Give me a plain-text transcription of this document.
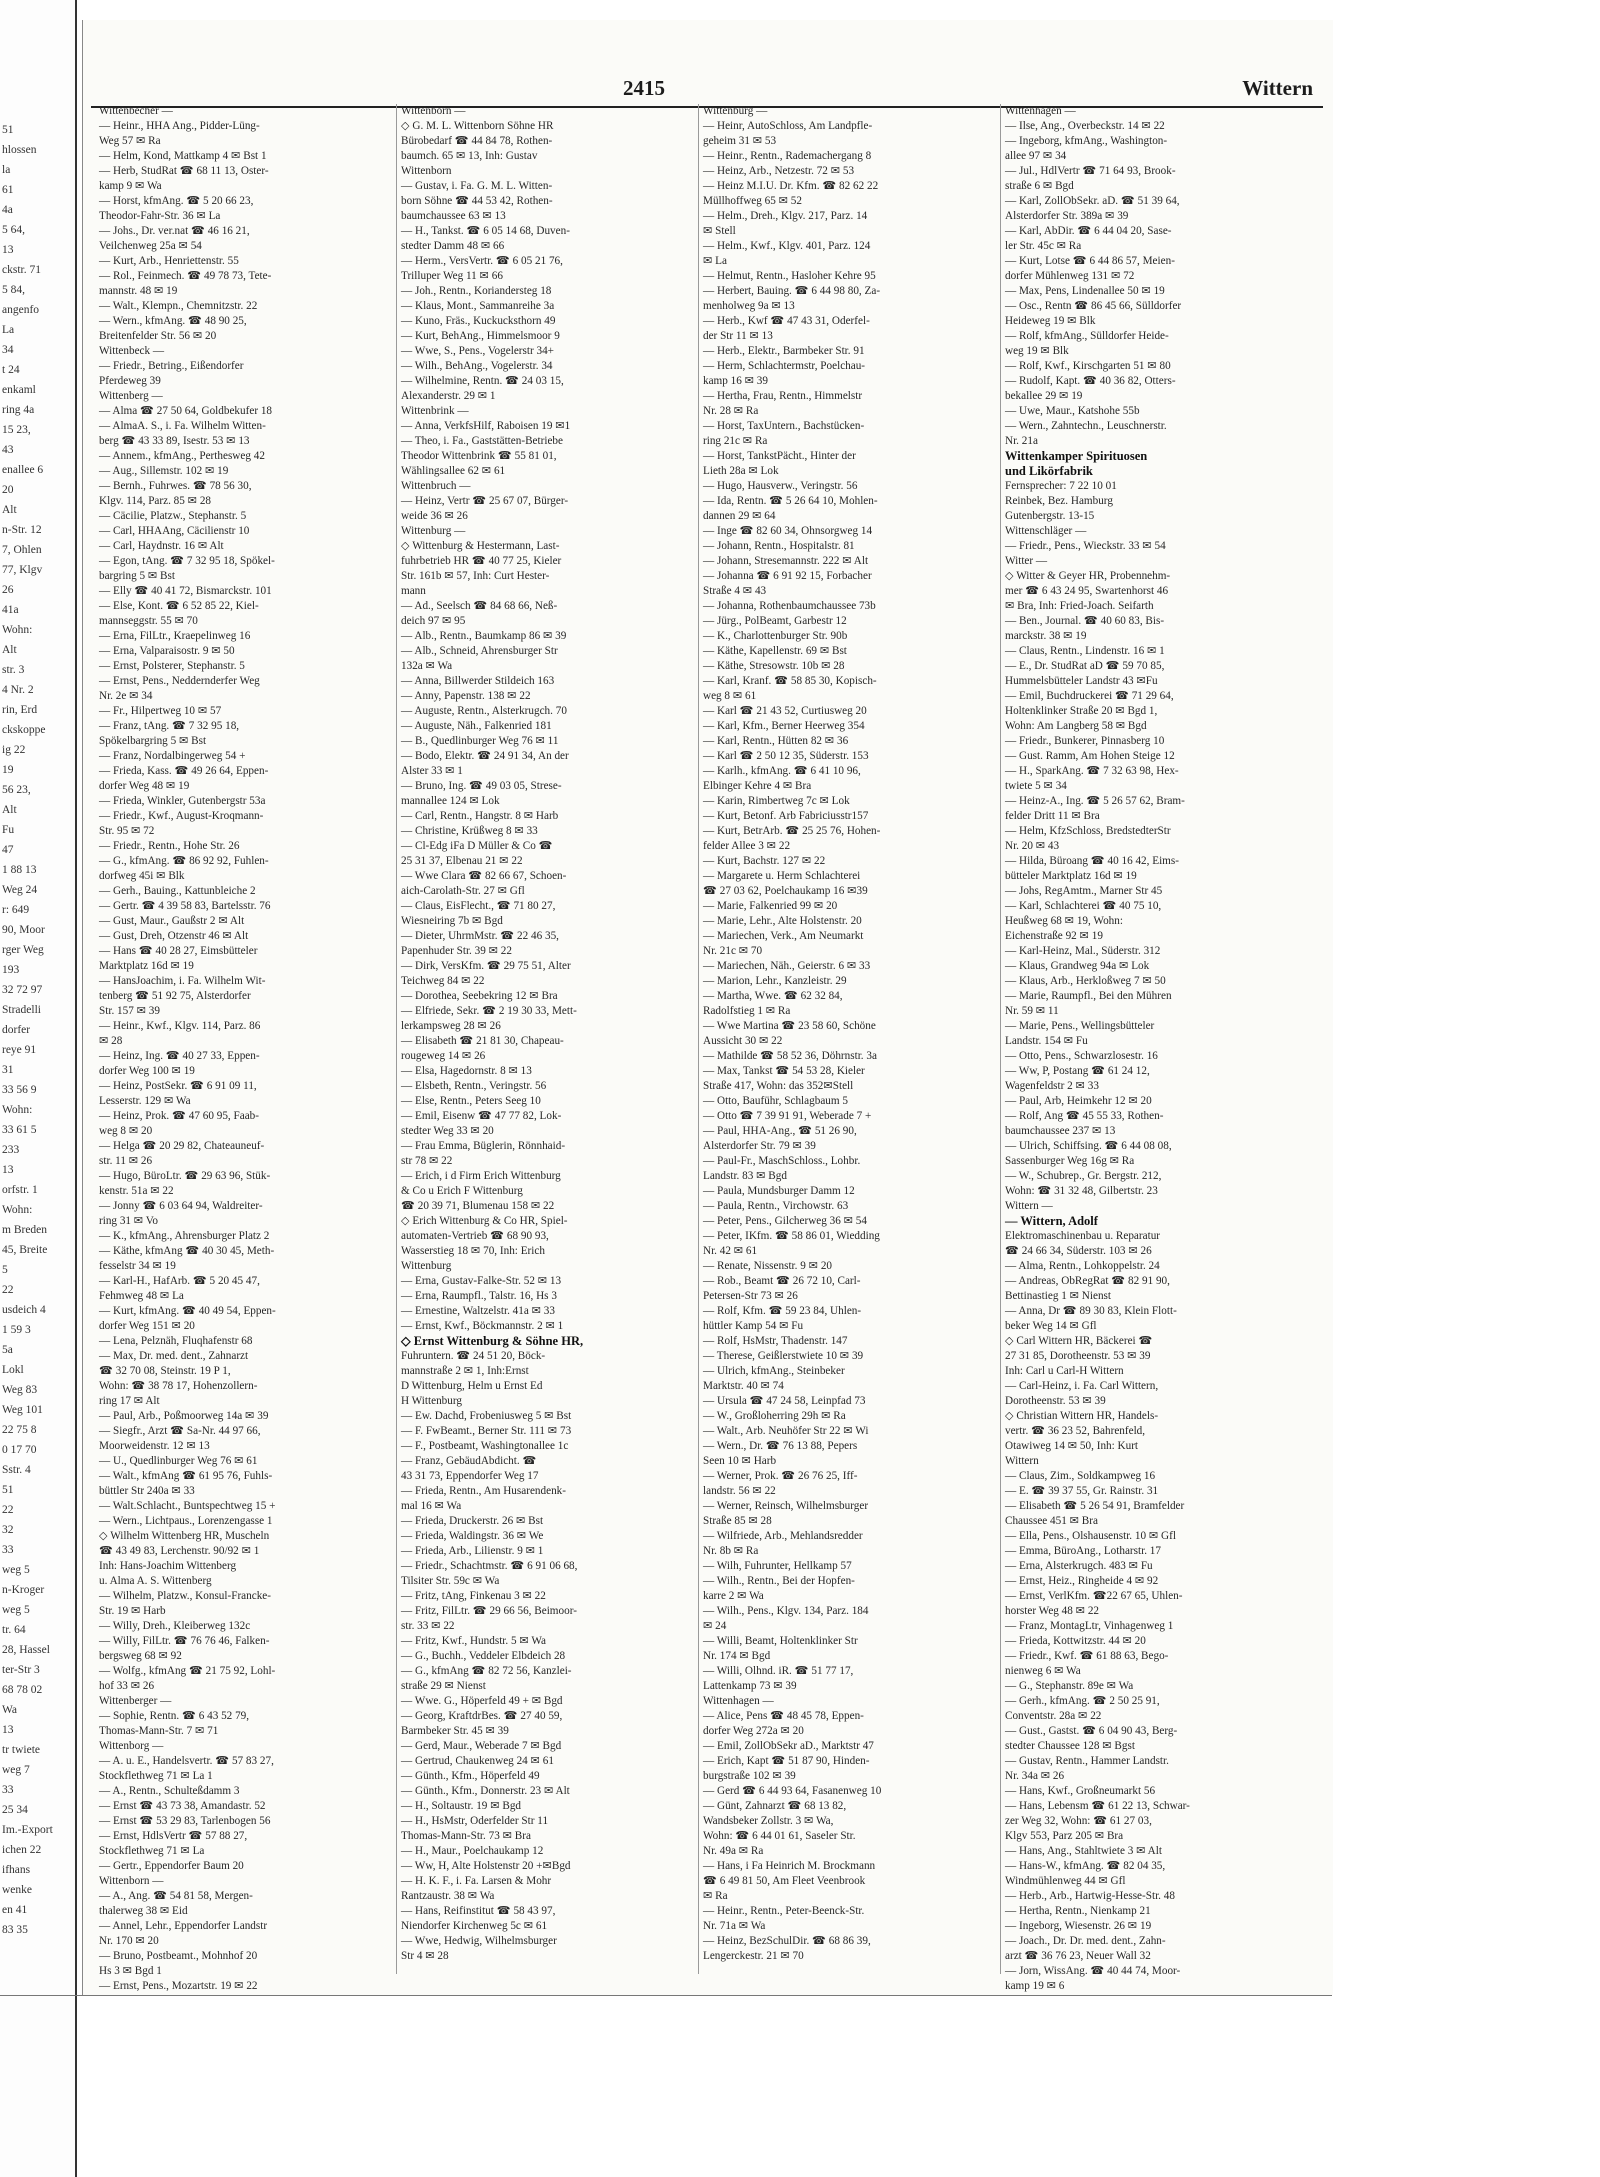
51
hlossen
la
61
4a
5 64,
13
ckstr. 71
5 84,
angenfo
La
34
t 24
enkaml
ring 4a
15 23,
43
enallee 6
20
Alt
n-Str. 12
7, Ohlen
77, Klgv
26
41a
Wohn:
Alt
str. 3
4 Nr. 2
rin, Erd
ckskoppe
ig 22
19
56 23,
Alt
Fu
47
1 88 13
Weg 24
r: 649
90, Moor
rger Weg
193
32 72 97
Stradelli
dorfer
reye 91
31
33 56 9
Wohn:
33 61 5
233
13
orfstr. 1
Wohn:
m Breden
45, Breite
5
22
usdeich 4
1 59 3
5a
Lokl
Weg 83
Weg 101
22 75 8
0 17 70
Sstr. 4
51
22
32
33
weg 5
n-Kroger
weg 5
tr. 64
28, Hassel
ter-Str 3
68 78 02
Wa
13
tr twiete
weg 7
33
25 34
Im.-Export
ichen 22
ifhans
wenke
en 41
83 35
2415	Wittern
Wittenbecher —
— Heinr., HHA Ang., Pidder-Lüng-
Weg 57 ✉ Ra
— Helm, Kond, Mattkamp 4 ✉ Bst 1
— Herb, StudRat ☎ 68 11 13, Oster-
kamp 9 ✉ Wa
— Horst, kfmAng. ☎ 5 20 66 23,
Theodor-Fahr-Str. 36 ✉ La
— Johs., Dr. ver.nat ☎ 46 16 21,
Veilchenweg 25a ✉ 54
— Kurt, Arb., Henriettenstr. 55
— Rol., Feinmech. ☎ 49 78 73, Tete-
mannstr. 48 ✉ 19
— Walt., Klempn., Chemnitzstr. 22
— Wern., kfmAng. ☎ 48 90 25,
Breitenfelder Str. 56 ✉ 20
Wittenbeck —
— Friedr., Betring., Eißendorfer
Pferdeweg 39
Wittenberg —
— Alma ☎ 27 50 64, Goldbekufer 18
— AlmaA. S., i. Fa. Wilhelm Witten-
berg ☎ 43 33 89, Isestr. 53 ✉ 13
— Annem., kfmAng., Perthesweg 42
— Aug., Sillemstr. 102 ✉ 19
— Bernh., Fuhrwes. ☎ 78 56 30,
Klgv. 114, Parz. 85 ✉ 28
— Cäcilie, Platzw., Stephanstr. 5
— Carl, HHAAng, Cäcilienstr 10
— Carl, Haydnstr. 16 ✉ Alt
— Egon, tAng. ☎ 7 32 95 18, Spökel-
bargring 5 ✉ Bst
— Elly ☎ 40 41 72, Bismarckstr. 101
— Else, Kont. ☎ 6 52 85 22, Kiel-
mannseggstr. 55 ✉ 70
— Erna, FilLtr., Kraepelinweg 16
— Erna, Valparaisostr. 9 ✉ 50
— Ernst, Polsterer, Stephanstr. 5
— Ernst, Pens., Neddernderfer Weg
Nr. 2e ✉ 34
— Fr., Hilpertweg 10 ✉ 57
— Franz, tAng. ☎ 7 32 95 18,
Spökelbargring 5 ✉ Bst
— Franz, Nordalbingerweg 54 +
— Frieda, Kass. ☎ 49 26 64, Eppen-
dorfer Weg 48 ✉ 19
— Frieda, Winkler, Gutenbergstr 53a
— Friedr., Kwf., August-Kroqmann-
Str. 95 ✉ 72
— Friedr., Rentn., Hohe Str. 26
— G., kfmAng. ☎ 86 92 92, Fuhlen-
dorfweg 45i ✉ Blk
— Gerh., Bauing., Kattunbleiche 2
— Gertr. ☎ 4 39 58 83, Bartelsstr. 76
— Gust, Maur., Gaußstr 2 ✉ Alt
— Gust, Dreh, Otzenstr 46 ✉ Alt
— Hans ☎ 40 28 27, Eimsbütteler
Marktplatz 16d ✉ 19
— HansJoachim, i. Fa. Wilhelm Wit-
tenberg ☎ 51 92 75, Alsterdorfer
Str. 157 ✉ 39
— Heinr., Kwf., Klgv. 114, Parz. 86
✉ 28
— Heinz, Ing. ☎ 40 27 33, Eppen-
dorfer Weg 100 ✉ 19
— Heinz, PostSekr. ☎ 6 91 09 11,
Lesserstr. 129 ✉ Wa
— Heinz, Prok. ☎ 47 60 95, Faab-
weg 8 ✉ 20
— Helga ☎ 20 29 82, Chateauneuf-
str. 11 ✉ 26
— Hugo, BüroLtr. ☎ 29 63 96, Stük-
kenstr. 51a ✉ 22
— Jonny ☎ 6 03 64 94, Waldreiter-
ring 31 ✉ Vo
— K., kfmAng., Ahrensburger Platz 2
— Käthe, kfmAng ☎ 40 30 45, Meth-
fesselstr 34 ✉ 19
— Karl-H., HafArb. ☎ 5 20 45 47,
Fehmweg 48 ✉ La
— Kurt, kfmAng. ☎ 40 49 54, Eppen-
dorfer Weg 151 ✉ 20
— Lena, Pelznäh, Fluqhafenstr 68
— Max, Dr. med. dent., Zahnarzt
☎ 32 70 08, Steinstr. 19 P 1,
Wohn: ☎ 38 78 17, Hohenzollern-
ring 17 ✉ Alt
— Paul, Arb., Poßmoorweg 14a ✉ 39
— Siegfr., Arzt ☎ Sa-Nr. 44 97 66,
Moorweidenstr. 12 ✉ 13
— U., Quedlinburger Weg 76 ✉ 61
— Walt., kfmAng ☎ 61 95 76, Fuhls-
büttler Str 240a ✉ 33
— Walt.Schlacht., Buntspechtweg 15 +
— Wern., Lichtpaus., Lorenzengasse 1
◇ Wilhelm Wittenberg HR, Muscheln
☎ 43 49 83, Lerchenstr. 90/92 ✉ 1
Inh: Hans-Joachim Wittenberg
u. Alma A. S. Wittenberg
— Wilhelm, Platzw., Konsul-Francke-
Str. 19 ✉ Harb
— Willy, Dreh., Kleiberweg 132c
— Willy, FilLtr. ☎ 76 76 46, Falken-
bergsweg 68 ✉ 92
— Wolfg., kfmAng ☎ 21 75 92, Lohl-
hof 33 ✉ 26
Wittenberger —
— Sophie, Rentn. ☎ 6 43 52 79,
Thomas-Mann-Str. 7 ✉ 71
Wittenborg —
— A. u. E., Handelsvertr. ☎ 57 83 27,
Stockflethweg 71 ✉ La 1
— A., Rentn., Schulteßdamm 3
— Ernst ☎ 43 73 38, Amandastr. 52
— Ernst ☎ 53 29 83, Tarlenbogen 56
— Ernst, HdlsVertr ☎ 57 88 27,
Stockflethweg 71 ✉ La
— Gertr., Eppendorfer Baum 20
Wittenborn —
— A., Ang. ☎ 54 81 58, Mergen-
thalerweg 38 ✉ Eid
— Annel, Lehr., Eppendorfer Landstr
Nr. 170 ✉ 20
— Bruno, Postbeamt., Mohnhof 20
Hs 3 ✉ Bgd 1
— Ernst, Pens., Mozartstr. 19 ✉ 22
Wittenborn —
◇ G. M. L. Wittenborn Söhne HR
Bürobedarf ☎ 44 84 78, Rothen-
baumch. 65 ✉ 13, Inh: Gustav
Wittenborn
— Gustav, i. Fa. G. M. L. Witten-
born Söhne ☎ 44 53 42, Rothen-
baumchaussee 63 ✉ 13
— H., Tankst. ☎ 6 05 14 68, Duven-
stedter Damm 48 ✉ 66
— Herm., VersVertr. ☎ 6 05 21 76,
Trilluper Weg 11 ✉ 66
— Joh., Rentn., Koriandersteg 18
— Klaus, Mont., Sammanreihe 3a
— Kuno, Fräs., Kuckucksthorn 49
— Kurt, BehAng., Himmelsmoor 9
— Wwe, S., Pens., Vogelerstr 34+
— Wilh., BehAng., Vogelerstr. 34
— Wilhelmine, Rentn. ☎ 24 03 15,
Alexanderstr. 29 ✉ 1
Wittenbrink —
— Anna, VerkfsHilf, Raboisen 19 ✉1
— Theo, i. Fa., Gaststätten-Betriebe
Theodor Wittenbrink ☎ 55 81 01,
Wählingsallee 62 ✉ 61
Wittenbruch —
— Heinz, Vertr ☎ 25 67 07, Bürger-
weide 36 ✉ 26
Wittenburg —
◇ Wittenburg & Hestermann, Last-
fuhrbetrieb HR ☎ 40 77 25, Kieler
Str. 161b ✉ 57, Inh: Curt Hester-
mann
— Ad., Seelsch ☎ 84 68 66, Neß-
deich 97 ✉ 95
— Alb., Rentn., Baumkamp 86 ✉ 39
— Alb., Schneid, Ahrensburger Str
132a ✉ Wa
— Anna, Billwerder Stildeich 163
— Anny, Papenstr. 138 ✉ 22
— Auguste, Rentn., Alsterkrugch. 70
— Auguste, Näh., Falkenried 181
— B., Quedlinburger Weg 76 ✉ 11
— Bodo, Elektr. ☎ 24 91 34, An der
Alster 33 ✉ 1
— Bruno, Ing. ☎ 49 03 05, Strese-
mannallee 124 ✉ Lok
— Carl, Rentn., Hangstr. 8 ✉ Harb
— Christine, Krüßweg 8 ✉ 33
— Cl-Edg iFa D Müller & Co ☎
25 31 37, Elbenau 21 ✉ 22
— Wwe Clara ☎ 82 66 67, Schoen-
aich-Carolath-Str. 27 ✉ Gfl
— Claus, EisFlecht., ☎ 71 80 27,
Wiesneiring 7b ✉ Bgd
— Dieter, UhrmMstr. ☎ 22 46 35,
Papenhuder Str. 39 ✉ 22
— Dirk, VersKfm. ☎ 29 75 51, Alter
Teichweg 84 ✉ 22
— Dorothea, Seebekring 12 ✉ Bra
— Elfriede, Sekr. ☎ 2 19 30 33, Mett-
lerkampsweg 28 ✉ 26
— Elisabeth ☎ 21 81 30, Chapeau-
rougeweg 14 ✉ 26
— Elsa, Hagedornstr. 8 ✉ 13
— Elsbeth, Rentn., Veringstr. 56
— Else, Rentn., Peters Seeg 10
— Emil, Eisenw ☎ 47 77 82, Lok-
stedter Weg 33 ✉ 20
— Frau Emma, Büglerin, Rönnhaid-
str 78 ✉ 22
— Erich, i d Firm Erich Wittenburg
& Co u Erich F Wittenburg
☎ 20 39 71, Blumenau 158 ✉ 22
◇ Erich Wittenburg & Co HR, Spiel-
automaten-Vertrieb ☎ 68 90 93,
Wasserstieg 18 ✉ 70, Inh: Erich
Wittenburg
— Erna, Gustav-Falke-Str. 52 ✉ 13
— Erna, Raumpfl., Talstr. 16, Hs 3
— Ernestine, Waltzelstr. 41a ✉ 33
— Ernst, Kwf., Böckmannstr. 2 ✉ 1
◇ Ernst Wittenburg & Söhne HR,
Fuhruntern. ☎ 24 51 20, Böck-
mannstraße 2 ✉ 1, Inh:Ernst
D Wittenburg, Helm u Ernst Ed
H Wittenburg
— Ew. Dachd, Frobeniusweg 5 ✉ Bst
— F. FwBeamt., Berner Str. 111 ✉ 73
— F., Postbeamt, Washingtonallee 1c
— Franz, GebäudAbdicht. ☎
43 31 73, Eppendorfer Weg 17
— Frieda, Rentn., Am Husarendenk-
mal 16 ✉ Wa
— Frieda, Druckerstr. 26 ✉ Bst
— Frieda, Waldingstr. 36 ✉ We
— Frieda, Arb., Lilienstr. 9 ✉ 1
— Friedr., Schachtmstr. ☎ 6 91 06 68,
Tilsiter Str. 59c ✉ Wa
— Fritz, tAng, Finkenau 3 ✉ 22
— Fritz, FilLtr. ☎ 29 66 56, Beimoor-
str. 33 ✉ 22
— Fritz, Kwf., Hundstr. 5 ✉ Wa
— G., Buchh., Veddeler Elbdeich 28
— G., kfmAng ☎ 82 72 56, Kanzlei-
straße 29 ✉ Nienst
— Wwe. G., Höperfeld 49 + ✉ Bgd
— Georg, KraftdrBes. ☎ 27 40 59,
Barmbeker Str. 45 ✉ 39
— Gerd, Maur., Weberade 7 ✉ Bgd
— Gertrud, Chaukenweg 24 ✉ 61
— Günth., Kfm., Höperfeld 49
— Günth., Kfm., Donnerstr. 23 ✉ Alt
— H., Soltaustr. 19 ✉ Bgd
— H., HsMstr, Oderfelder Str 11
Thomas-Mann-Str. 73 ✉ Bra
— H., Maur., Poelchaukamp 12
— Ww, H, Alte Holstenstr 20 +✉Bgd
— H. K. F., i. Fa. Larsen & Mohr
Rantzaustr. 38 ✉ Wa
— Hans, Reifinstitut ☎ 58 43 97,
Niendorfer Kirchenweg 5c ✉ 61
— Wwe, Hedwig, Wilhelmsburger
Str 4 ✉ 28
Wittenburg —
— Heinr, AutoSchloss, Am Landpflе-
geheim 31 ✉ 53
— Heinr., Rentn., Rademachergang 8
— Heinz, Arb., Netzestr. 72 ✉ 53
— Heinz M.I.U. Dr. Kfm. ☎ 82 62 22
Müllhoffweg 65 ✉ 52
— Helm., Dreh., Klgv. 217, Parz. 14
✉ Stell
— Helm., Kwf., Klgv. 401, Parz. 124
✉ La
— Helmut, Rentn., Hasloher Kehre 95
— Herbert, Bauing. ☎ 6 44 98 80, Za-
menholweg 9a ✉ 13
— Herb., Kwf ☎ 47 43 31, Oderfel-
der Str 11 ✉ 13
— Herb., Elektr., Barmbeker Str. 91
— Herm, Schlachtermstr, Poelchau-
kamp 16 ✉ 39
— Hertha, Frau, Rentn., Himmelstr
Nr. 28 ✉ Ra
— Horst, TaxUntern., Bachstücken-
ring 21c ✉ Ra
— Horst, TankstPächt., Hinter der
Lieth 28a ✉ Lok
— Hugo, Hausverw., Veringstr. 56
— Ida, Rentn. ☎ 5 26 64 10, Mohlen-
dannen 29 ✉ 64
— Inge ☎ 82 60 34, Ohnsorgweg 14
— Johann, Rentn., Hospitalstr. 81
— Johann, Stresemannstr. 222 ✉ Alt
— Johanna ☎ 6 91 92 15, Forbacher
Straße 4 ✉ 43
— Johanna, Rothenbaumchaussee 73b
— Jürg., PolBeamt, Garbestr 12
— K., Charlottenburger Str. 90b
— Käthe, Kapellenstr. 69 ✉ Bst
— Käthe, Stresowstr. 10b ✉ 28
— Karl, Kranf. ☎ 58 85 30, Kopisch-
weg 8 ✉ 61
— Karl ☎ 21 43 52, Curtiusweg 20
— Karl, Kfm., Berner Heerweg 354
— Karl, Rentn., Hütten 82 ✉ 36
— Karl ☎ 2 50 12 35, Süderstr. 153
— Karlh., kfmAng. ☎ 6 41 10 96,
Elbinger Kehre 4 ✉ Bra
— Karin, Rimbertweg 7c ✉ Lok
— Kurt, Betonf. Arb Fabriciusstr157
— Kurt, BetrArb. ☎ 25 25 76, Hohen-
felder Allee 3 ✉ 22
— Kurt, Bachstr. 127 ✉ 22
— Margarete u. Herm Schlachterei
☎ 27 03 62, Poelchaukamp 16 ✉39
— Marie, Falkenried 99 ✉ 20
— Marie, Lehr., Alte Holstenstr. 20
— Mariechen, Verk., Am Neumarkt
Nr. 21c ✉ 70
— Mariechen, Näh., Geierstr. 6 ✉ 33
— Marion, Lehr., Kanzleistr. 29
— Martha, Wwe. ☎ 62 32 84,
Radolfstieg 1 ✉ Ra
— Wwe Martina ☎ 23 58 60, Schöne
Aussicht 30 ✉ 22
— Mathilde ☎ 58 52 36, Döhrnstr. 3a
— Max, Tankst ☎ 54 53 28, Kieler
Straße 417, Wohn: das 352✉Stell
— Otto, Bauführ, Schlagbaum 5
— Otto ☎ 7 39 91 91, Weberade 7 +
— Paul, HHA-Ang., ☎ 51 26 90,
Alsterdorfer Str. 79 ✉ 39
— Paul-Fr., MaschSchloss., Lohbr.
Landstr. 83 ✉ Bgd
— Paula, Mundsburger Damm 12
— Paula, Rentn., Virchowstr. 63
— Peter, Pens., Gilcherweg 36 ✉ 54
— Peter, IKfm. ☎ 58 86 01, Wiedding
Nr. 42 ✉ 61
— Renate, Nissenstr. 9 ✉ 20
— Rob., Beamt ☎ 26 72 10, Carl-
Petersen-Str 73 ✉ 26
— Rolf, Kfm. ☎ 59 23 84, Uhlen-
hüttler Kamp 54 ✉ Fu
— Rolf, HsMstr, Thadenstr. 147
— Therese, Geißlerstwiete 10 ✉ 39
— Ulrich, kfmAng., Steinbeker
Marktstr. 40 ✉ 74
— Ursula ☎ 47 24 58, Leinpfad 73
— W., Großloherring 29h ✉ Ra
— Walt., Arb. Neuhöfer Str 22 ✉ Wi
— Wern., Dr. ☎ 76 13 88, Pepers
Seen 10 ✉ Harb
— Werner, Prok. ☎ 26 76 25, Iff-
landstr. 56 ✉ 22
— Werner, Reinsch, Wilhelmsburger
Straße 85 ✉ 28
— Wilfriede, Arb., Mehlandsredder
Nr. 8b ✉ Ra
— Wilh, Fuhrunter, Hellkamp 57
— Wilh., Rentn., Bei der Hopfen-
karre 2 ✉ Wa
— Wilh., Pens., Klgv. 134, Parz. 184
✉ 24
— Willi, Beamt, Holtenklinker Str
Nr. 174 ✉ Bgd
— Willi, Olhnd. iR. ☎ 51 77 17,
Lattenkamp 73 ✉ 39
Wittenhagen —
— Alice, Pens ☎ 48 45 78, Eppen-
dorfer Weg 272a ✉ 20
— Emil, ZollObSekr aD., Marktstr 47
— Erich, Kapt ☎ 51 87 90, Hinden-
burgstraße 102 ✉ 39
— Gerd ☎ 6 44 93 64, Fasanenweg 10
— Günt, Zahnarzt ☎ 68 13 82,
Wandsbeker Zollstr. 3 ✉ Wa,
Wohn: ☎ 6 44 01 61, Saseler Str.
Nr. 49a ✉ Ra
— Hans, i Fa Heinrich M. Brockmann
☎ 6 49 81 50, Am Fleet Veenbrook
✉ Ra
— Heinr., Rentn., Peter-Beenck-Str.
Nr. 71a ✉ Wa
— Heinz, BezSchulDir. ☎ 68 86 39,
Lengerckestr. 21 ✉ 70
Wittenhagen —
— Ilse, Ang., Overbeckstr. 14 ✉ 22
— Ingeborg, kfmAng., Washington-
allee 97 ✉ 34
— Jul., HdlVertr ☎ 71 64 93, Brook-
straße 6 ✉ Bgd
— Karl, ZollObSekr. aD. ☎ 51 39 64,
Alsterdorfer Str. 389a ✉ 39
— Karl, AbDir. ☎ 6 44 04 20, Sase-
ler Str. 45c ✉ Ra
— Kurt, Lotse ☎ 6 44 86 57, Meien-
dorfer Mühlenweg 131 ✉ 72
— Max, Pens, Lindenallee 50 ✉ 19
— Osc., Rentn ☎ 86 45 66, Sülldorfer
Heideweg 19 ✉ Blk
— Rolf, kfmAng., Sülldorfer Heide-
weg 19 ✉ Blk
— Rolf, Kwf., Kirschgarten 51 ✉ 80
— Rudolf, Kapt. ☎ 40 36 82, Otters-
bekallee 29 ✉ 19
— Uwe, Maur., Katshohe 55b
— Wern., Zahntechn., Leuschnerstr.
Nr. 21a
Wittenkamper Spirituosen
und Likörfabrik
Fernsprecher: 7 22 10 01
Reinbek, Bez. Hamburg
Gutenbergstr. 13-15
Wittenschläger —
— Friedr., Pens., Wieckstr. 33 ✉ 54
Witter —
◇ Witter & Geyer HR, Probennehm-
mer ☎ 6 43 24 95, Swartenhorst 46
✉ Bra, Inh: Fried-Joach. Seifarth
— Ben., Journal. ☎ 40 60 83, Bis-
marckstr. 38 ✉ 19
— Claus, Rentn., Lindenstr. 16 ✉ 1
— E., Dr. StudRat aD ☎ 59 70 85,
Hummelsbütteler Landstr 43 ✉Fu
— Emil, Buchdruckerei ☎ 71 29 64,
Holtenklinker Straße 20 ✉ Bgd 1,
Wohn: Am Langberg 58 ✉ Bgd
— Friedr., Bunkerer, Pinnasberg 10
— Gust. Ramm, Am Hohen Steige 12
— H., SparkAng. ☎ 7 32 63 98, Hex-
twiete 5 ✉ 34
— Heinz-A., Ing. ☎ 5 26 57 62, Bram-
felder Dritt 11 ✉ Bra
— Helm, KfzSchloss, BredstedterStr
Nr. 20 ✉ 43
— Hilda, Büroang ☎ 40 16 42, Eims-
bütteler Marktplatz 16d ✉ 19
— Johs, RegAmtm., Marner Str 45
— Karl, Schlachterei ☎ 40 75 10,
Heußweg 68 ✉ 19, Wohn:
Eichenstraße 92 ✉ 19
— Karl-Heinz, Mal., Süderstr. 312
— Klaus, Grandweg 94a ✉ Lok
— Klaus, Arb., Herkloßweg 7 ✉ 50
— Marie, Raumpfl., Bei den Mühren
Nr. 59 ✉ 11
— Marie, Pens., Wellingsbütteler
Landstr. 154 ✉ Fu
— Otto, Pens., Schwarzlosestr. 16
— Ww, P, Postang ☎ 61 24 12,
Wagenfeldstr 2 ✉ 33
— Paul, Arb, Heimkehr 12 ✉ 20
— Rolf, Ang ☎ 45 55 33, Rothen-
baumchaussee 237 ✉ 13
— Ulrich, Schiffsing. ☎ 6 44 08 08,
Sassenburger Weg 16g ✉ Ra
— W., Schubrep., Gr. Bergstr. 212,
Wohn: ☎ 31 32 48, Gilbertstr. 23
Wittern —
— Wittern, Adolf
Elektromaschinenbau u. Reparatur
☎ 24 66 34, Süderstr. 103 ✉ 26
— Alma, Rentn., Lohkoppelstr. 24
— Andreas, ObRegRat ☎ 82 91 90,
Bettinastieg 1 ✉ Nienst
— Anna, Dr ☎ 89 30 83, Klein Flott-
beker Weg 14 ✉ Gfl
◇ Carl Wittern HR, Bäckerei ☎
27 31 85, Dorotheenstr. 53 ✉ 39
Inh: Carl u Carl-H Wittern
— Carl-Heinz, i. Fa. Carl Wittern,
Dorotheenstr. 53 ✉ 39
◇ Christian Wittern HR, Handels-
vertr. ☎ 36 23 52, Bahrenfeld,
Otawiweg 14 ✉ 50, Inh: Kurt
Wittern
— Claus, Zim., Soldkampweg 16
— E. ☎ 39 37 55, Gr. Rainstr. 31
— Elisabeth ☎ 5 26 54 91, Bramfelder
Chaussee 451 ✉ Bra
— Ella, Pens., Olshausenstr. 10 ✉ Gfl
— Emma, BüroAng., Lotharstr. 17
— Erna, Alsterkrugch. 483 ✉ Fu
— Ernst, Heiz., Ringheide 4 ✉ 92
— Ernst, VerlKfm. ☎22 67 65, Uhlen-
horster Weg 48 ✉ 22
— Franz, MontagLtr, Vinhagenweg 1
— Frieda, Kottwitzstr. 44 ✉ 20
— Friedr., Kwf. ☎ 61 88 63, Bego-
nienweg 6 ✉ Wa
— G., Stephanstr. 89e ✉ Wa
— Gerh., kfmAng. ☎ 2 50 25 91,
Conventstr. 28a ✉ 22
— Gust., Gastst. ☎ 6 04 90 43, Berg-
stedter Chaussee 128 ✉ Bgst
— Gustav, Rentn., Hammer Landstr.
Nr. 34a ✉ 26
— Hans, Kwf., Großneumarkt 56
— Hans, Lebensm ☎ 61 22 13, Schwar-
zer Weg 32, Wohn: ☎ 61 27 03,
Klgv 553, Parz 205 ✉ Bra
— Hans, Ang., Stahltwiete 3 ✉ Alt
— Hans-W., kfmAng. ☎ 82 04 35,
Windmühlenweg 44 ✉ Gfl
— Herb., Arb., Hartwig-Hesse-Str. 48
— Hertha, Rentn., Nienkamp 21
— Ingeborg, Wiesenstr. 26 ✉ 19
— Joach., Dr. Dr. med. dent., Zahn-
arzt ☎ 36 76 23, Neuer Wall 32
— Jorn, WissAng. ☎ 40 44 74, Moor-
kamp 19 ✉ 6
